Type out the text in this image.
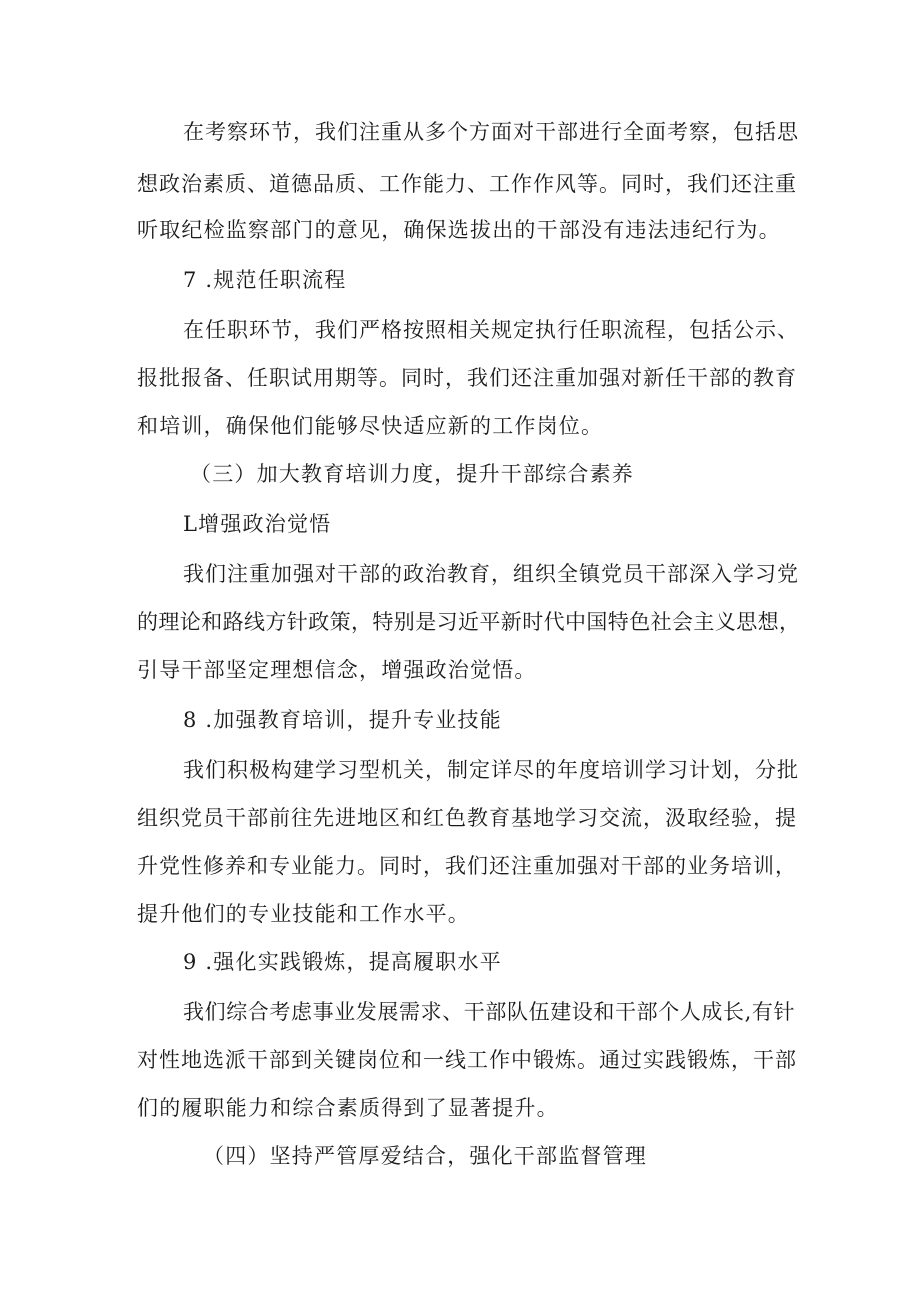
在考察环节，我们注重从多个方面对干部进行全面考察，包括思
想政治素质、道德品质、工作能力、工作作风等。同时，我们还注重
听取纪检监察部门的意见，确保选拔出的干部没有违法违纪行为。
7 .规范任职流程
在任职环节，我们严格按照相关规定执行任职流程，包括公示、
报批报备、任职试用期等。同时，我们还注重加强对新任干部的教育
和培训，确保他们能够尽快适应新的工作岗位。
（三）加大教育培训力度，提升干部综合素养
L增强政治觉悟
我们注重加强对干部的政治教育，组织全镇党员干部深入学习党
的理论和路线方针政策，特别是习近平新时代中国特色社会主义思想，
引导干部坚定理想信念，增强政治觉悟。
8 .加强教育培训，提升专业技能
我们积极构建学习型机关，制定详尽的年度培训学习计划，分批
组织党员干部前往先进地区和红色教育基地学习交流，汲取经验，提
升党性修养和专业能力。同时，我们还注重加强对干部的业务培训，
提升他们的专业技能和工作水平。
9 .强化实践锻炼，提高履职水平
我们综合考虑事业发展需求、干部队伍建设和干部个人成长,有针
对性地选派干部到关键岗位和一线工作中锻炼。通过实践锻炼，干部
们的履职能力和综合素质得到了显著提升。
（四）坚持严管厚爱结合，强化干部监督管理
